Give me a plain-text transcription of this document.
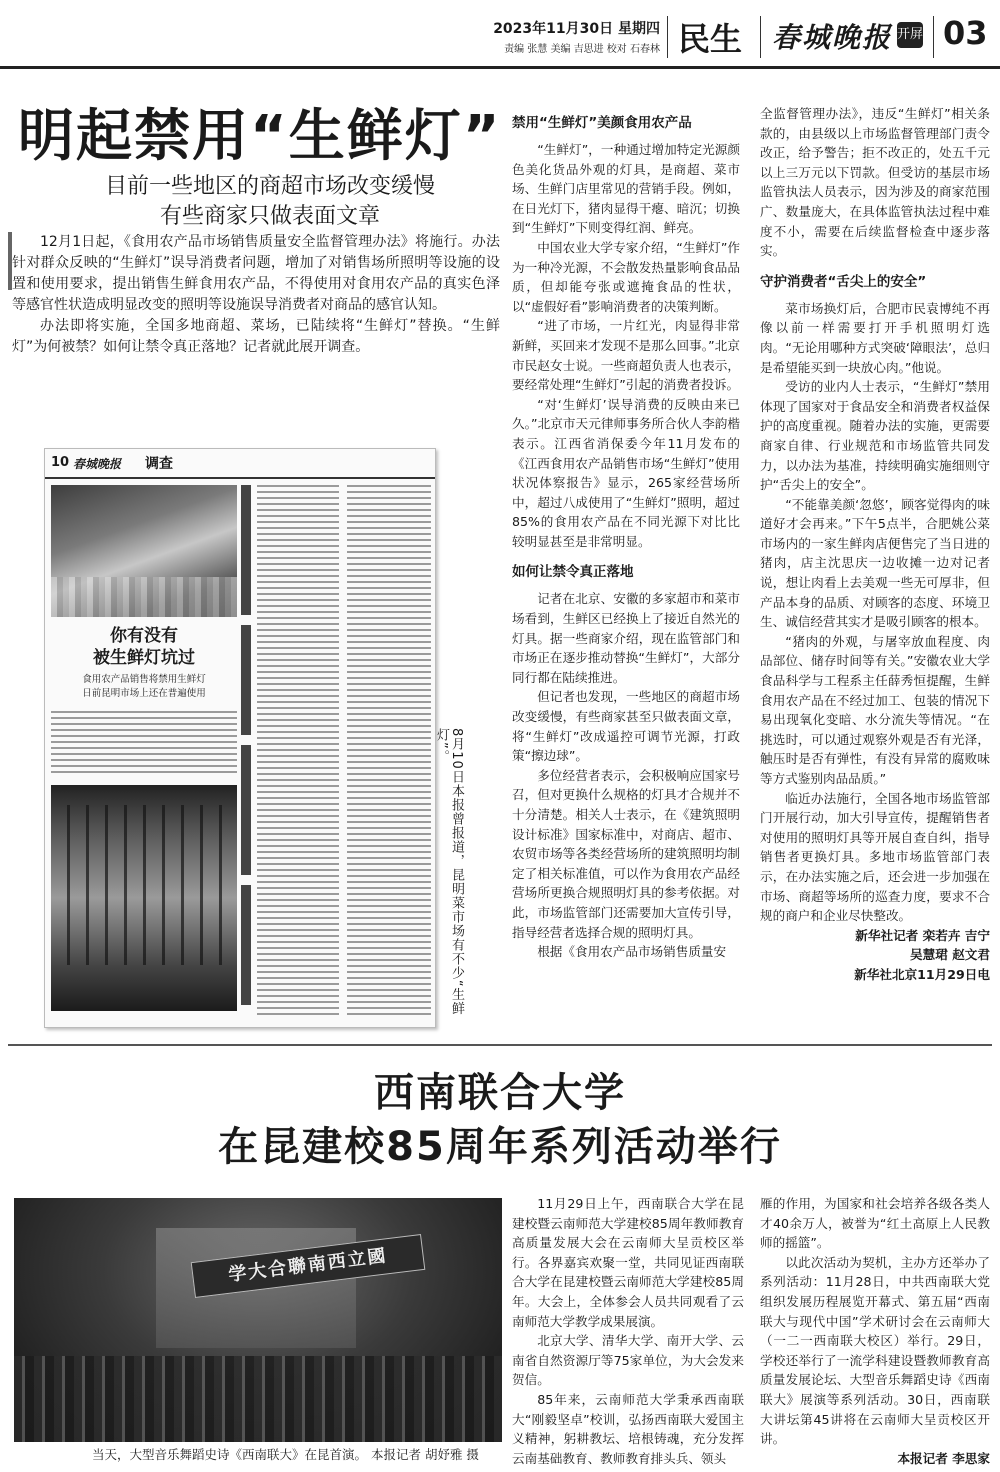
2023年11月30日 星期四
责编 张慧 美编 吉思进 校对 石春林 民生 春城晚报 开屏 03
明起禁用“生鲜灯”
目前一些地区的商超市场改变缓慢
有些商家只做表面文章

12月1日起，《食用农产品市场销售质量安全监督管理办法》将施行。办法针对群众反映的“生鲜灯”误导消费者问题，增加了对销售场所照明等设施的设置和使用要求，提出销售生鲜食用农产品，不得使用对食用农产品的真实色泽等感官性状造成明显改变的照明等设施误导消费者对商品的感官认知。

办法即将实施，全国多地商超、菜场，已陆续将“生鲜灯”替换。“生鲜灯”为何被禁？如何让禁令真正落地？记者就此展开调查。

10 春城晚报 调查
你有没有
被生鲜灯坑过
食用农产品销售将禁用生鲜灯
日前昆明市场上还在普遍使用
8月10日本报曾报道，昆明菜市场有不少“生鲜灯”。
禁用“生鲜灯”美颜食用农产品

“生鲜灯”，一种通过增加特定光源颜色美化货品外观的灯具，是商超、菜市场、生鲜门店里常见的营销手段。例如，在日光灯下，猪肉显得干瘪、暗沉；切换到“生鲜灯”下则变得红润、鲜亮。

中国农业大学专家介绍，“生鲜灯”作为一种冷光源，不会散发热量影响食品品质，但却能夸张或遮掩食品的性状，以“虚假好看”影响消费者的决策判断。

“进了市场，一片红光，肉显得非常新鲜，买回来才发现不是那么回事。”北京市民赵女士说。一些商超负责人也表示，要经常处理“生鲜灯”引起的消费者投诉。

“对‘生鲜灯’误导消费的反映由来已久。”北京市天元律师事务所合伙人李韵楷表示。江西省消保委今年11月发布的《江西食用农产品销售市场“生鲜灯”使用状况体察报告》显示，265家经营场所中，超过八成使用了“生鲜灯”照明，超过85%的食用农产品在不同光源下对比比较明显甚至是非常明显。

如何让禁令真正落地

记者在北京、安徽的多家超市和菜市场看到，生鲜区已经换上了接近自然光的灯具。据一些商家介绍，现在监管部门和市场正在逐步推动替换“生鲜灯”，大部分同行都在陆续推进。

但记者也发现，一些地区的商超市场改变缓慢，有些商家甚至只做表面文章，将“生鲜灯”改成遥控可调节光源，打政策“擦边球”。

多位经营者表示，会积极响应国家号召，但对更换什么规格的灯具才合规并不十分清楚。相关人士表示，在《建筑照明设计标准》国家标准中，对商店、超市、农贸市场等各类经营场所的建筑照明均制定了相关标准值，可以作为食用农产品经营场所更换合规照明灯具的参考依据。对此，市场监管部门还需要加大宣传引导，指导经营者选择合规的照明灯具。

根据《食用农产品市场销售质量安

全监督管理办法》，违反“生鲜灯”相关条款的，由县级以上市场监督管理部门责令改正，给予警告；拒不改正的，处五千元以上三万元以下罚款。但受访的基层市场监管执法人员表示，因为涉及的商家范围广、数量庞大，在具体监管执法过程中难度不小，需要在后续监督检查中逐步落实。

守护消费者“舌尖上的安全”

菜市场换灯后，合肥市民袁博纯不再像以前一样需要打开手机照明灯选肉。“无论用哪种方式突破‘障眼法’，总归是希望能买到一块放心肉。”他说。

受访的业内人士表示，“生鲜灯”禁用体现了国家对于食品安全和消费者权益保护的高度重视。随着办法的实施，更需要商家自律、行业规范和市场监管共同发力，以办法为基准，持续明确实施细则守护“舌尖上的安全”。

“不能靠美颜‘忽悠’，顾客觉得肉的味道好才会再来。”下午5点半，合肥姚公菜市场内的一家生鲜肉店便售完了当日进的猪肉，店主沈思庆一边收摊一边对记者说，想让肉看上去美观一些无可厚非，但产品本身的品质、对顾客的态度、环境卫生、诚信经营其实才是吸引顾客的根本。

“猪肉的外观，与屠宰放血程度、肉品部位、储存时间等有关。”安徽农业大学食品科学与工程系主任薛秀恒提醒，生鲜食用农产品在不经过加工、包装的情况下易出现氧化变暗、水分流失等情况。“在挑选时，可以通过观察外观是否有光泽，触压时是否有弹性，有没有异常的腐败味等方式鉴别肉品品质。”

临近办法施行，全国各地市场监管部门开展行动，加大引导宣传，提醒销售者对使用的照明灯具等开展自查自纠，指导销售者更换灯具。多地市场监管部门表示，在办法实施之后，还会进一步加强在市场、商超等场所的巡查力度，要求不合规的商户和企业尽快整改。

新华社记者 栾若卉 吉宁

吴慧珺 赵文君

新华社北京11月29日电

西南联合大学
在昆建校85周年系列活动举行
学大合聯南西立國
当天，大型音乐舞蹈史诗《西南联大》在昆首演。 本报记者 胡妤雅 摄

11月29日上午，西南联合大学在昆建校暨云南师范大学建校85周年教师教育高质量发展大会在云南师大呈贡校区举行。各界嘉宾欢聚一堂，共同见证西南联合大学在昆建校暨云南师范大学建校85周年。大会上，全体参会人员共同观看了云南师范大学教学成果展演。

北京大学、清华大学、南开大学、云南省自然资源厅等75家单位，为大会发来贺信。

85年来，云南师范大学秉承西南联大“刚毅坚卓”校训，弘扬西南联大爱国主义精神，躬耕教坛、培根铸魂，充分发挥云南基础教育、教师教育排头兵、领头

雁的作用，为国家和社会培养各级各类人才40余万人，被誉为“红土高原上人民教师的摇篮”。

以此次活动为契机，主办方还举办了系列活动：11月28日，中共西南联大党组织发展历程展览开幕式、第五届“西南联大与现代中国”学术研讨会在云南师大（一二一西南联大校区）举行。29日，学校还举行了一流学科建设暨教师教育高质量发展论坛、大型音乐舞蹈史诗《西南联大》展演等系列活动。30日，西南联大讲坛第45讲将在云南师大呈贡校区开讲。

本报记者 李思家
